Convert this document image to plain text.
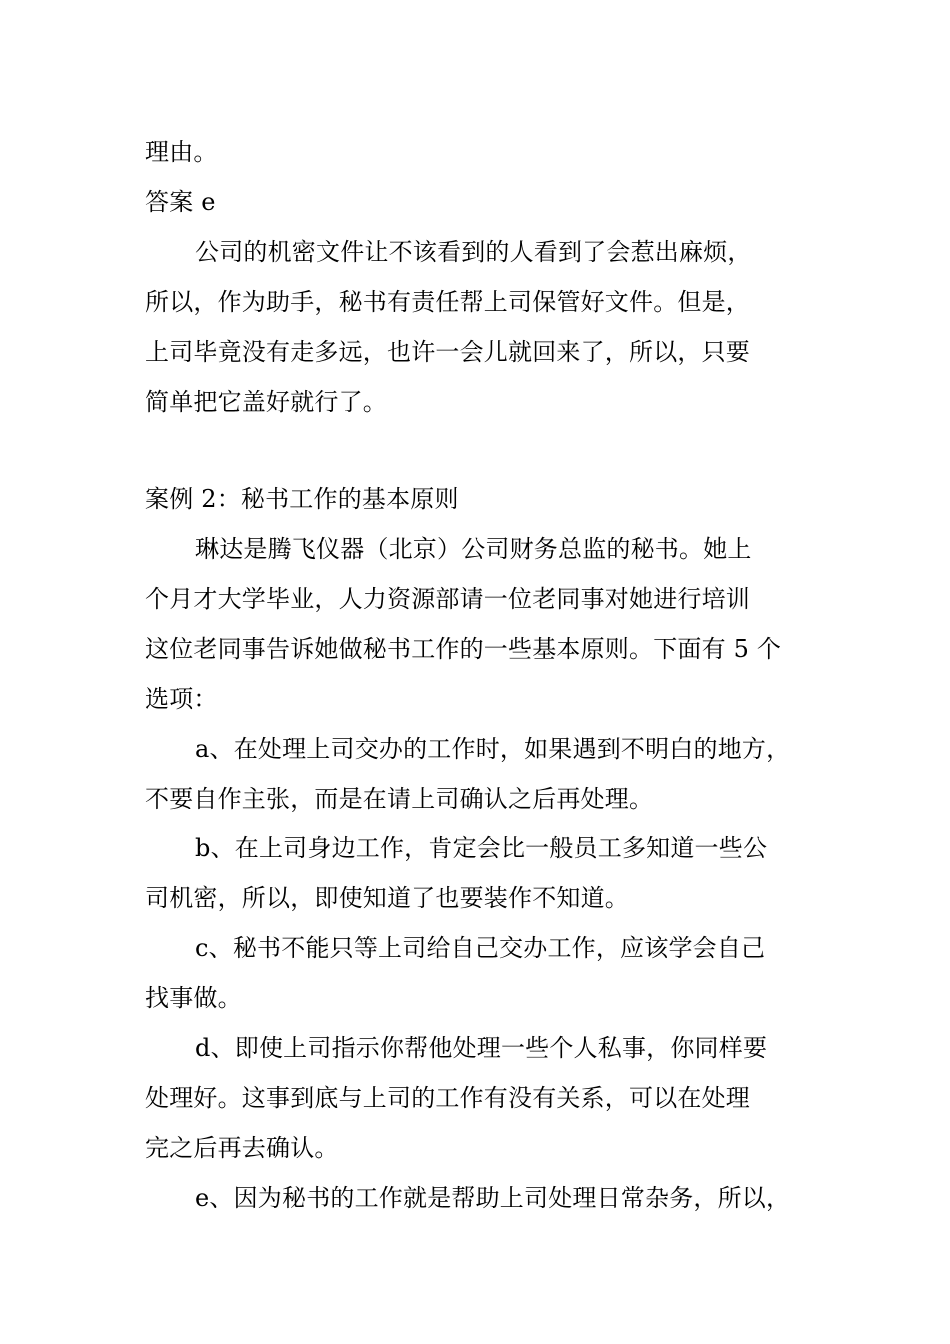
理由。
答案 e
公司的机密文件让不该看到的人看到了会惹出麻烦，
所以，作为助手，秘书有责任帮上司保管好文件。但是，
上司毕竟没有走多远，也许一会儿就回来了，所以，只要
简单把它盖好就行了。
案例 2：秘书工作的基本原则
琳达是腾飞仪器（北京）公司财务总监的秘书。她上
个月才大学毕业，人力资源部请一位老同事对她进行培训
这位老同事告诉她做秘书工作的一些基本原则。下面有 5 个
选项：
a、在处理上司交办的工作时，如果遇到不明白的地方，
不要自作主张，而是在请上司确认之后再处理。
b、在上司身边工作，肯定会比一般员工多知道一些公
司机密，所以，即使知道了也要装作不知道。
c、秘书不能只等上司给自己交办工作，应该学会自己
找事做。
d、即使上司指示你帮他处理一些个人私事，你同样要
处理好。这事到底与上司的工作有没有关系，可以在处理
完之后再去确认。
e、因为秘书的工作就是帮助上司处理日常杂务，所以，
